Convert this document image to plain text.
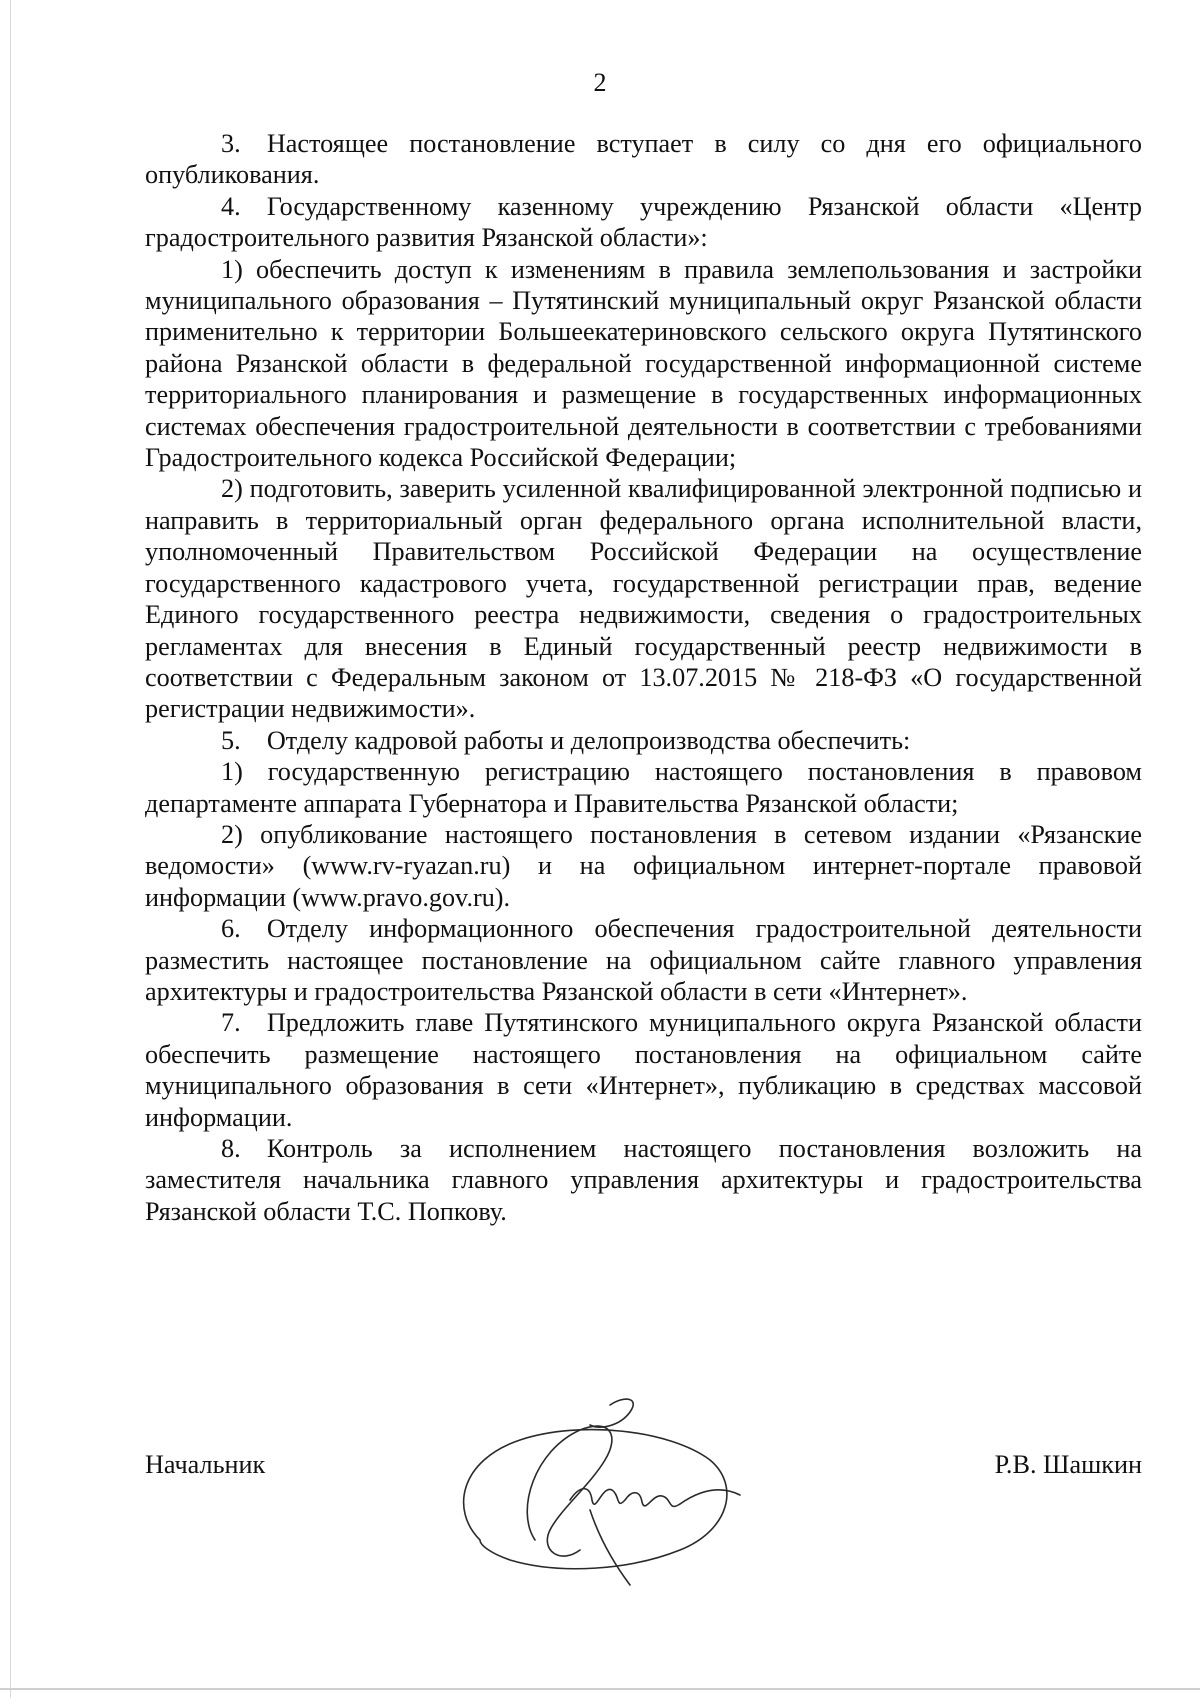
2

3. Настоящее постановление вступает в силу со дня его официального опубликования.

4. Государственному казенному учреждению Рязанской области «Центр градостроительного развития Рязанской области»:

1) обеспечить доступ к изменениям в правила землепользования и застройки муниципального образования – Путятинский муниципальный округ Рязанской области применительно к территории Большеекатериновского сельского округа Путятинского района Рязанской области в федеральной государственной информационной системе территориального планирования и размещение в государственных информационных системах обеспечения градостроительной деятельности в соответствии с требованиями Градостроительного кодекса Российской Федерации;

2) подготовить, заверить усиленной квалифицированной электронной подписью и направить в территориальный орган федерального органа исполнительной власти, уполномоченный Правительством Российской Федерации на осуществление государственного кадастрового учета, государственной регистрации прав, ведение Единого государственного реестра недвижимости, сведения о градостроительных регламентах для внесения в Единый государственный реестр недвижимости в соответствии с Федеральным законом от 13.07.2015 № 218-ФЗ «О государственной регистрации недвижимости».

5. Отделу кадровой работы и делопроизводства обеспечить:

1) государственную регистрацию настоящего постановления в правовом департаменте аппарата Губернатора и Правительства Рязанской области;

2) опубликование настоящего постановления в сетевом издании «Рязанские ведомости» (www.rv-ryazan.ru) и на официальном интернет-портале правовой информации (www.pravo.gov.ru).

6. Отделу информационного обеспечения градостроительной деятельности разместить настоящее постановление на официальном сайте главного управления архитектуры и градостроительства Рязанской области в сети «Интернет».

7. Предложить главе Путятинского муниципального округа Рязанской области обеспечить размещение настоящего постановления на официальном сайте муниципального образования в сети «Интернет», публикацию в средствах массовой информации.

8. Контроль за исполнением настоящего постановления возложить на заместителя начальника главного управления архитектуры и градостроительства Рязанской области Т.С. Попкову.

Начальник	Р.В. Шашкин
